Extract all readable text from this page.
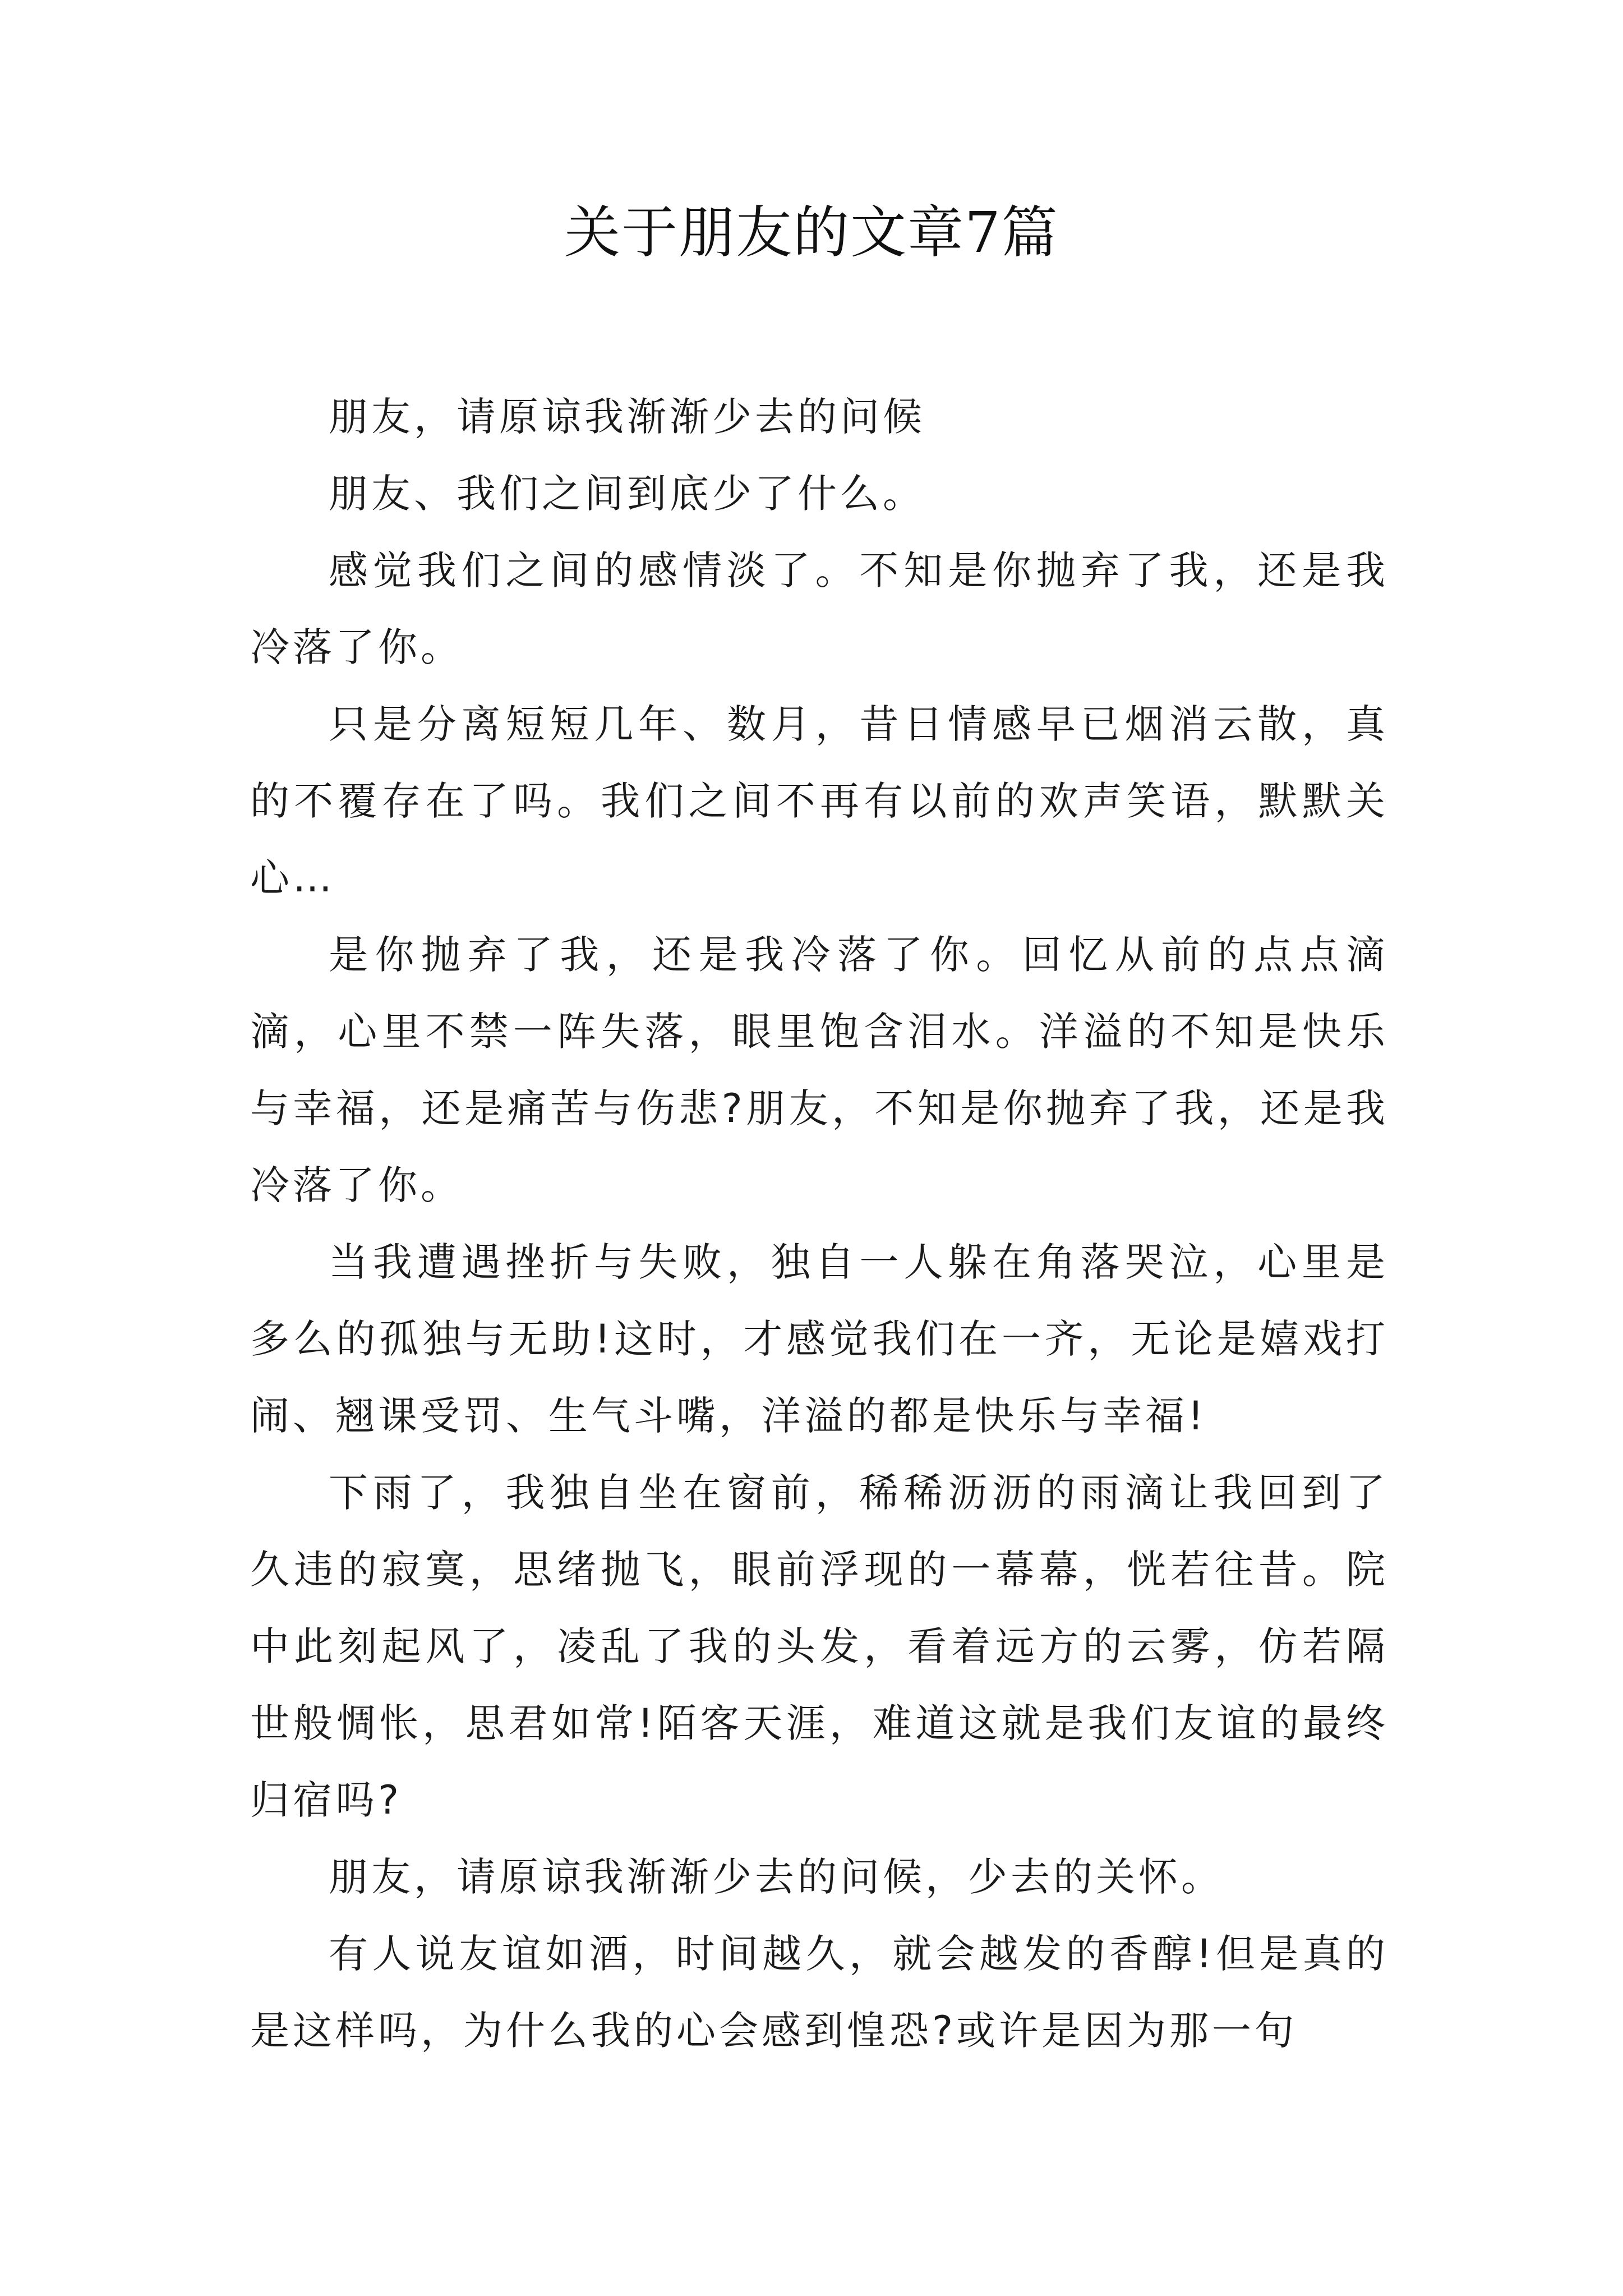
关于朋友的文章7篇

朋友，请原谅我渐渐少去的问候

朋友、我们之间到底少了什么。

感觉我们之间的感情淡了。不知是你抛弃了我，还是我冷落了你。

只是分离短短几年、数月，昔日情感早已烟消云散，真的不覆存在了吗。我们之间不再有以前的欢声笑语，默默关心…

是你抛弃了我，还是我冷落了你。回忆从前的点点滴滴，心里不禁一阵失落，眼里饱含泪水。洋溢的不知是快乐与幸福，还是痛苦与伤悲?朋友，不知是你抛弃了我，还是我冷落了你。

当我遭遇挫折与失败，独自一人躲在角落哭泣，心里是多么的孤独与无助!这时，才感觉我们在一齐，无论是嬉戏打闹、翘课受罚、生气斗嘴，洋溢的都是快乐与幸福!

下雨了，我独自坐在窗前，稀稀沥沥的雨滴让我回到了久违的寂寞，思绪抛飞，眼前浮现的一幕幕，恍若往昔。院中此刻起风了，凌乱了我的头发，看着远方的云雾，仿若隔世般惆怅，思君如常!陌客天涯，难道这就是我们友谊的最终归宿吗?

朋友，请原谅我渐渐少去的问候，少去的关怀。

有人说友谊如酒，时间越久，就会越发的香醇!但是真的是这样吗，为什么我的心会感到惶恐?或许是因为那一句
